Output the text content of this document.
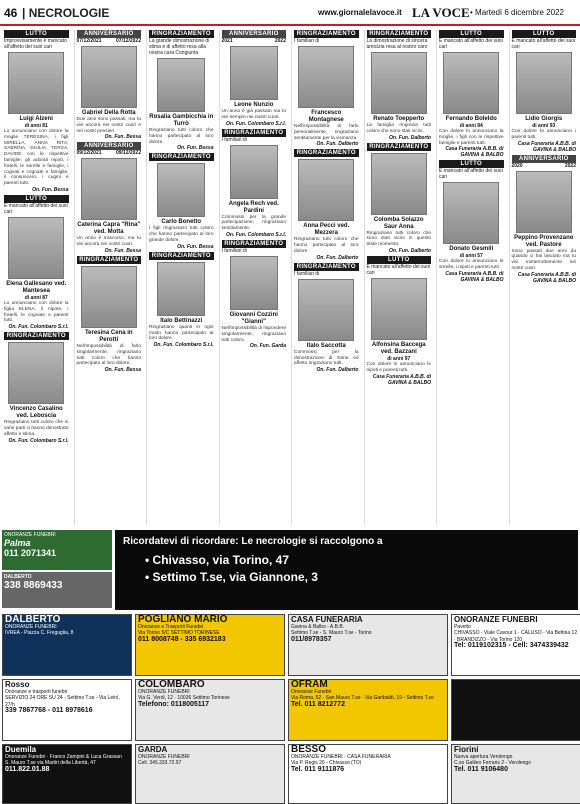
46 | NECROLOGIE	www.giornalelavoce.it LA VOCE • Martedì 6 dicembre 2022
LUTTO
Improvvisamente è mancato all'affetto dei suoi cari
Luigi Alzeni
di anni 81
Lo annunciano con dolore la moglie TERESINA, i figli MIRELLA, ANNA RITA, SABRINA, GIULIA, TERSA, DAVIDE con le rispettive famiglie, gli adorati nipoti, i fratelli, le sorelle e famiglie, i cognati e cognate e famiglie, il consuocero, i cugini e parenti tutti.
On. Fun. Bessa
LUTTO
È mancato all'affetto dei suoi cari
Elena Gallesano ved. Mantesea
di anni 87
Lo annunciano con dolore la figlia ELENA, il nipote, i fratelli, le cognate e parenti tutti.
On. Fun. Colombaro S.r.l.
RINGRAZIAMENTO
Vincenzo Casalino ved. Leboscia
Ringraziano tutti coloro che in varie parti ci hanno dimostrato affetto e stima.
On. Fun. Colombaro S.r.l.
ANNIVERSARIO
07/12/2021	07/12/2022
Gabriel Della Rotta
Due anni sono passati, ma tu vivi ancora nei nostri cuori e nei nostri pensieri.
On. Fun. Bessa
ANNIVERSARIO
09/12/2021	09/12/2022
Caterina Capra "Rina" ved. Motta
Un anno è trascorso, ma tu vivi ancora nei nostri cuori.
On. Fun. Bessa
RINGRAZIAMENTO
Teresina Cena in Perotti
Nell'impossibilità di farlo singolarmente, ringraziano tutti coloro che hanno partecipato al loro dolore.
On. Fun. Bessa
RINGRAZIAMENTO
La grande dimostrazione di stima e di affetto resa alla nostra cara Congiunta
Rosalia Gambicchia in Turrò
Ringraziano tutti coloro che hanno partecipato al loro dolore.
On. Fun. Bessa
RINGRAZIAMENTO
Carlo Bonetto
I figli ringraziano tutti coloro che hanno partecipato al loro grande dolore.
On. Fun. Bessa
RINGRAZIAMENTO
Italo Bettinazzi
Ringraziano quanti in ogni modo hanno partecipato al loro dolore.
On. Fun. Colombaro S.r.l.
ANNIVERSARIO
2021	2022
Leone Nunzio
Un anno è già passato ma tu vivi sempre nei nostri cuori.
On. Fun. Colombaro S.r.l.
RINGRAZIAMENTO
I familiari di
Angela Rech ved. Pardini
Commossi per la grande partecipazione, ringraziano sentitamente.
On. Fun. Colombaro S.r.l.
RINGRAZIAMENTO
I familiari di
Giovanni Cozzini "Gianni"
Nell'impossibilità di rispondere singolarmente, ringraziano tutti coloro.
On. Fun. Garda
RINGRAZIAMENTO
I familiari di
Francesco Montagnese
Nell'impossibilità di farlo personalmente, ringraziano sentitamente per la vicinanza.
On. Fun. Dalberto
RINGRAZIAMENTO
Anna Pecci ved. Mezzera
Ringraziano tutti coloro che hanno partecipato al loro dolore.
On. Fun. Dalberto
RINGRAZIAMENTO
I familiari di
Italo Saccotta
Commossi per la dimostrazione di stima ed affetto ringraziano tutti.
On. Fun. Dalberto
RINGRAZIAMENTO
La dimostrazione di sincera amicizia resa al nostro caro
Renato Toepperto
La famiglia ringrazia tutti coloro che sono stati vicini.
On. Fun. Dalberto
RINGRAZIAMENTO
Colomba Solazzo Saur Anna
Ringraziano tutti coloro che sono stati vicini in questo triste momento.
On. Fun. Dalberto
LUTTO
È mancato all'affetto dei suoi cari
Alfonsina Baccega ved. Bazzani
di anni 97
Con dolore lo annunciano le nipoti e parenti tutti.
Casa Funeraria A.B.B. di GAVINA & BALBO
LUTTO
È mancato all'affetto dei suoi cari
Fernando Boleldo
di anni 84
Con dolore lo annunciano la moglie, i figli con le rispettive famiglie e parenti tutti.
Casa Funeraria A.B.B. di GAVINA & BALBO
LUTTO
È mancato all'affetto dei suoi cari
Donato Gesmili
di anni 57
Con dolore lo annunciano le sorelle, i nipoti e parenti tutti.
Casa Funeraria A.B.B. di GAVINA & BALBO
LUTTO
È mancato all'affetto dei suoi cari
Lidio Giorgis
di anni 93
Con dolore lo annunciano i parenti tutti.
Casa Funeraria A.B.B. di GAVINA & BALBO
ANNIVERSARIO
2020	2022
Peppino Provenzano ved. Pastore
Sono passati due anni da quando ci hai lasciato ma tu vivi ininterrottamente nei nostri cuori.
Casa Funeraria A.B.B. di GAVINA & BALBO
ONORANZE FUNEBRI
Palma
011 2071341
DALBERTO
338 8869433
Ricordatevi di ricordare: Le necrologie si raccolgono a
• Chivasso, via Torino, 47
• Settimo T.se, via Giannone, 3
DALBERTO
ONORANZE FUNEBRI
IVREA - Piazza C. Freguglia, 8
POGLIANO MARIO
Onoranze e Trasporti Funebri
Via Torino 5/C SETTIMO TORINESE
011 8008748 - 335 6932183
CASA FUNERARIA
Gavina & Balbo - A.B.B.
Settimo T.se - S. Mauro T.se - Torino
011/8978357
ONORANZE FUNEBRI
Pavetto
CHIVASSO - Viale Cavour 1 · CALUSO - Via Bettoia 12 · BRANDIZZO - Via Torino 120
Tel: 0119102315 - Cell: 3474339432
Rosso
Onoranze e trasporti funebri
SERVIZIO 24 ORE SU 24 · Settimo T.se - Via Leinì, 27/h
339 7867768 - 011 8978616
COLOMBARO
ONORANZE FUNEBRI
Via G. Verdi, 12 · 10036 Settimo Torinese
Telefono: 0118005117
OFRAM
Onoranze Funebri
Via Roma, 52 - San Mauro T.se · Via Garibaldi, 19 - Settimo T.se
Tel. 011 8212772
Duemila
Onoranze Funebri · Franco Zampini & Luca Grassan
S. Mauro T.se via Martiri della Libertà, 47
011.822.01.88
GARDA
ONORANZE FUNEBRI
Cell. 345.333.72.97
BESSO
ONORANZE FUNEBRI · CASA FUNERARIA
Via P. Regis 26 - Chivasso (TO)
Tel. 011 9111876
Fiorini
Nuova apertura Verolengo
C.so Galileo Ferraris 2 - Verolengo
Tel. 011 9106480
